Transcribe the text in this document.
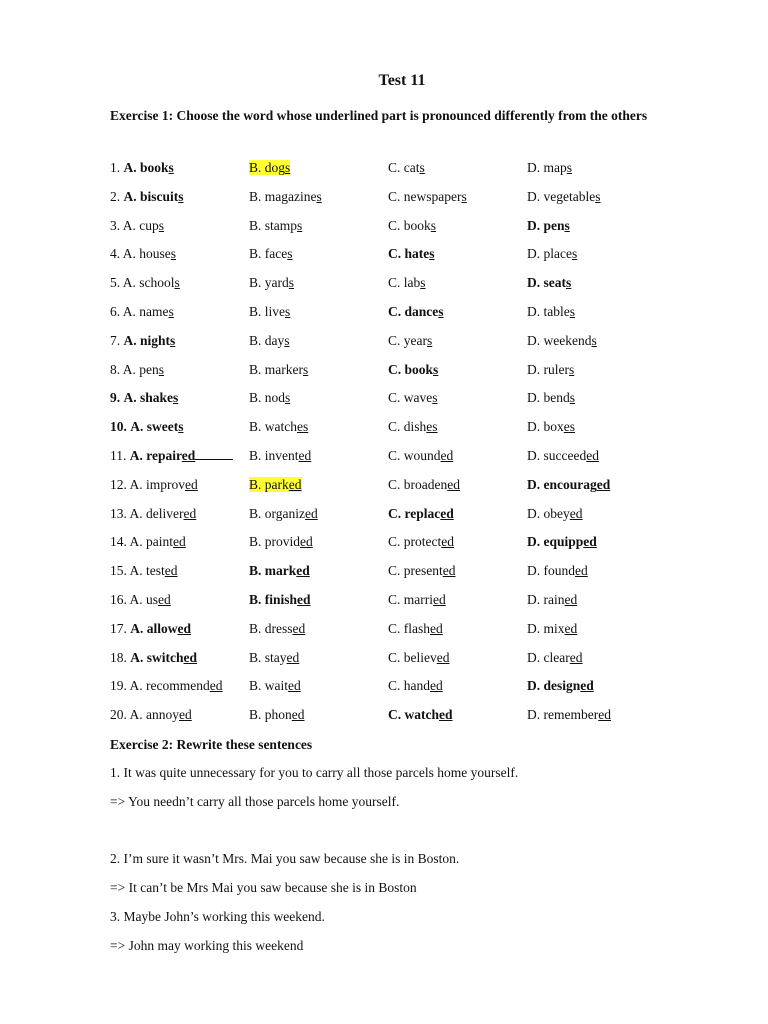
Test 11
Exercise 1: Choose the word whose underlined part is pronounced differently from the others
1. A. books	B. dogs	C. cats	D. maps
2. A. biscuits	B. magazines	C. newspapers	D. vegetables
3. A. cups	B. stamps	C. books	D. pens
4. A. houses	B. faces	C. hates	D. places
5. A. schools	B. yards	C. labs	D. seats
6. A. names	B. lives	C. dances	D. tables
7. A. nights	B. days	C. years	D. weekends
8. A. pens	B. markers	C. books	D. rulers
9. A. shakes	B. nods	C. waves	D. bends
10. A. sweets	B. watches	C. dishes	D. boxes
11. A. repaired	B. invented	C. wounded	D. succeeded
12. A. improved	B. parked	C. broadened	D. encouraged
13. A. delivered	B. organized	C. replaced	D. obeyed
14. A. painted	B. provided	C. protected	D. equipped
15. A. tested	B. marked	C. presented	D. founded
16. A. used	B. finished	C. married	D. rained
17. A. allowed	B. dressed	C. flashed	D. mixed
18. A. switched	B. stayed	C. believed	D. cleared
19. A. recommended B. waited	C. handed	D. designed
20. A. annoyed	B. phoned	C. watched	D. remembered
Exercise 2: Rewrite these sentences
1. It was quite unnecessary for you to carry all those parcels home yourself.
=> You needn’t carry all those parcels home yourself.
2. I’m sure it wasn’t Mrs. Mai you saw because she is in Boston.
=> It can’t be Mrs Mai you saw because she is in Boston
3. Maybe John’s working this weekend.
=> John may working this weekend
